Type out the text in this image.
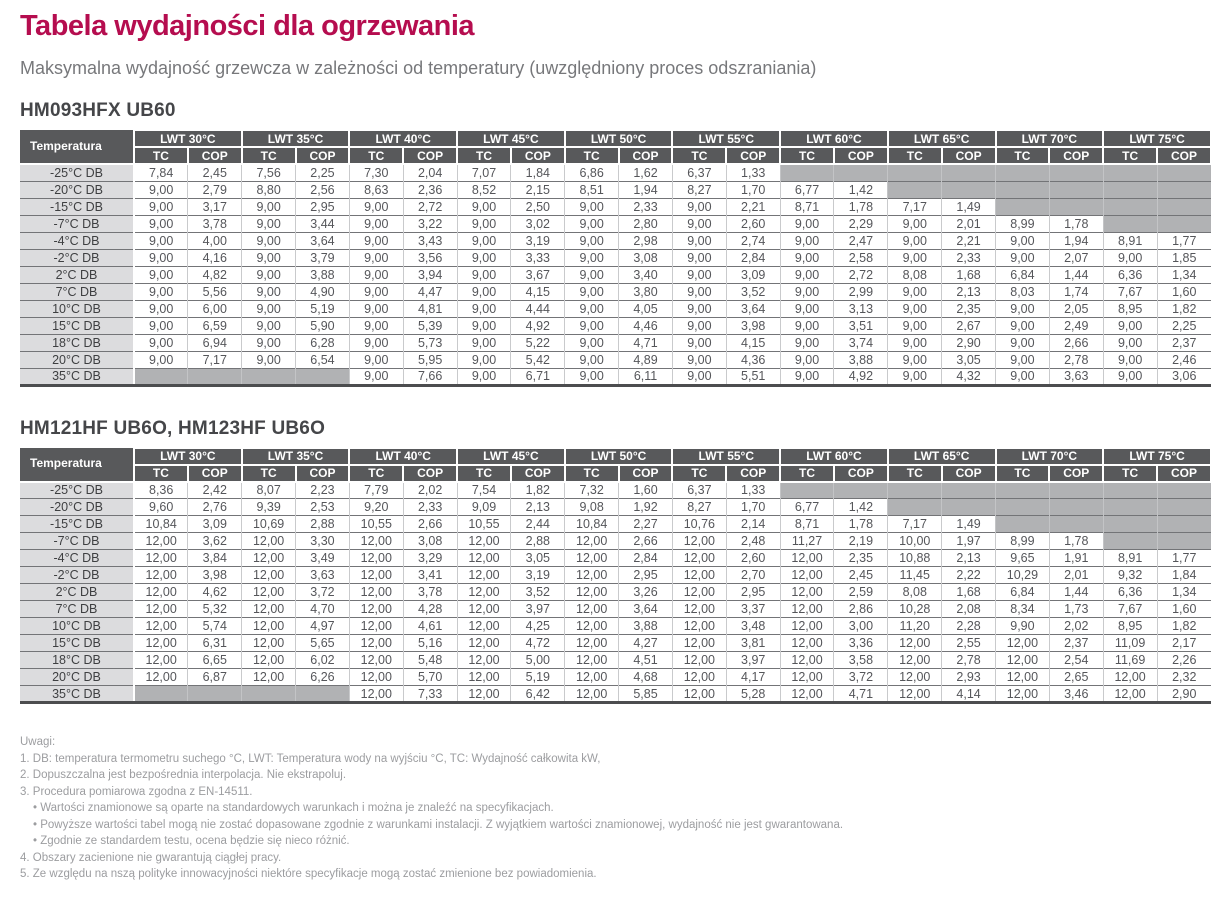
Tabela wydajności dla ogrzewania

Maksymalna wydajność grzewcza w zależności od temperatury (uwzględniony proces odszraniania)

HM093HFX UB60
Temperatura	LWT 30°C		LWT 35°C		LWT 40°C		LWT 45°C		LWT 50°C		LWT 55°C		LWT 60°C		LWT 65°C		LWT 70°C		LWT 75°C	
	TC	COP	TC	COP	TC	COP	TC	COP	TC	COP	TC	COP	TC	COP	TC	COP	TC	COP	TC	COP
-25°C DB	7,84	2,45	7,56	2,25	7,30	2,04	7,07	1,84	6,86	1,62	6,37	1,33								
-20°C DB	9,00	2,79	8,80	2,56	8,63	2,36	8,52	2,15	8,51	1,94	8,27	1,70	6,77	1,42						
-15°C DB	9,00	3,17	9,00	2,95	9,00	2,72	9,00	2,50	9,00	2,33	9,00	2,21	8,71	1,78	7,17	1,49				
-7°C DB	9,00	3,78	9,00	3,44	9,00	3,22	9,00	3,02	9,00	2,80	9,00	2,60	9,00	2,29	9,00	2,01	8,99	1,78		
-4°C DB	9,00	4,00	9,00	3,64	9,00	3,43	9,00	3,19	9,00	2,98	9,00	2,74	9,00	2,47	9,00	2,21	9,00	1,94	8,91	1,77
-2°C DB	9,00	4,16	9,00	3,79	9,00	3,56	9,00	3,33	9,00	3,08	9,00	2,84	9,00	2,58	9,00	2,33	9,00	2,07	9,00	1,85
2°C DB	9,00	4,82	9,00	3,88	9,00	3,94	9,00	3,67	9,00	3,40	9,00	3,09	9,00	2,72	8,08	1,68	6,84	1,44	6,36	1,34
7°C DB	9,00	5,56	9,00	4,90	9,00	4,47	9,00	4,15	9,00	3,80	9,00	3,52	9,00	2,99	9,00	2,13	8,03	1,74	7,67	1,60
10°C DB	9,00	6,00	9,00	5,19	9,00	4,81	9,00	4,44	9,00	4,05	9,00	3,64	9,00	3,13	9,00	2,35	9,00	2,05	8,95	1,82
15°C DB	9,00	6,59	9,00	5,90	9,00	5,39	9,00	4,92	9,00	4,46	9,00	3,98	9,00	3,51	9,00	2,67	9,00	2,49	9,00	2,25
18°C DB	9,00	6,94	9,00	6,28	9,00	5,73	9,00	5,22	9,00	4,71	9,00	4,15	9,00	3,74	9,00	2,90	9,00	2,66	9,00	2,37
20°C DB	9,00	7,17	9,00	6,54	9,00	5,95	9,00	5,42	9,00	4,89	9,00	4,36	9,00	3,88	9,00	3,05	9,00	2,78	9,00	2,46
35°C DB					9,00	7,66	9,00	6,71	9,00	6,11	9,00	5,51	9,00	4,92	9,00	4,32	9,00	3,63	9,00	3,06
HM121HF UB6O, HM123HF UB6O
Temperatura	LWT 30°C		LWT 35°C		LWT 40°C		LWT 45°C		LWT 50°C		LWT 55°C		LWT 60°C		LWT 65°C		LWT 70°C		LWT 75°C	
	TC	COP	TC	COP	TC	COP	TC	COP	TC	COP	TC	COP	TC	COP	TC	COP	TC	COP	TC	COP
-25°C DB	8,36	2,42	8,07	2,23	7,79	2,02	7,54	1,82	7,32	1,60	6,37	1,33								
-20°C DB	9,60	2,76	9,39	2,53	9,20	2,33	9,09	2,13	9,08	1,92	8,27	1,70	6,77	1,42						
-15°C DB	10,84	3,09	10,69	2,88	10,55	2,66	10,55	2,44	10,84	2,27	10,76	2,14	8,71	1,78	7,17	1,49				
-7°C DB	12,00	3,62	12,00	3,30	12,00	3,08	12,00	2,88	12,00	2,66	12,00	2,48	11,27	2,19	10,00	1,97	8,99	1,78		
-4°C DB	12,00	3,84	12,00	3,49	12,00	3,29	12,00	3,05	12,00	2,84	12,00	2,60	12,00	2,35	10,88	2,13	9,65	1,91	8,91	1,77
-2°C DB	12,00	3,98	12,00	3,63	12,00	3,41	12,00	3,19	12,00	2,95	12,00	2,70	12,00	2,45	11,45	2,22	10,29	2,01	9,32	1,84
2°C DB	12,00	4,62	12,00	3,72	12,00	3,78	12,00	3,52	12,00	3,26	12,00	2,95	12,00	2,59	8,08	1,68	6,84	1,44	6,36	1,34
7°C DB	12,00	5,32	12,00	4,70	12,00	4,28	12,00	3,97	12,00	3,64	12,00	3,37	12,00	2,86	10,28	2,08	8,34	1,73	7,67	1,60
10°C DB	12,00	5,74	12,00	4,97	12,00	4,61	12,00	4,25	12,00	3,88	12,00	3,48	12,00	3,00	11,20	2,28	9,90	2,02	8,95	1,82
15°C DB	12,00	6,31	12,00	5,65	12,00	5,16	12,00	4,72	12,00	4,27	12,00	3,81	12,00	3,36	12,00	2,55	12,00	2,37	11,09	2,17
18°C DB	12,00	6,65	12,00	6,02	12,00	5,48	12,00	5,00	12,00	4,51	12,00	3,97	12,00	3,58	12,00	2,78	12,00	2,54	11,69	2,26
20°C DB	12,00	6,87	12,00	6,26	12,00	5,70	12,00	5,19	12,00	4,68	12,00	4,17	12,00	3,72	12,00	2,93	12,00	2,65	12,00	2,32
35°C DB					12,00	7,33	12,00	6,42	12,00	5,85	12,00	5,28	12,00	4,71	12,00	4,14	12,00	3,46	12,00	2,90

Uwagi:

1. DB: temperatura termometru suchego °C, LWT: Temperatura wody na wyjściu °C, TC: Wydajność całkowita kW,

2. Dopuszczalna jest bezpośrednia interpolacja. Nie ekstrapoluj.

3. Procedura pomiarowa zgodna z EN-14511.

• Wartości znamionowe są oparte na standardowych warunkach i można je znaleźć na specyfikacjach.

• Powyższe wartości tabel mogą nie zostać dopasowane zgodnie z warunkami instalacji. Z wyjątkiem wartości znamionowej, wydajność nie jest gwarantowana.

• Zgodnie ze standardem testu, ocena będzie się nieco różnić.

4. Obszary zacienione nie gwarantują ciągłej pracy.

5. Ze względu na nszą polityke innowacyjności niektóre specyfikacje mogą zostać zmienione bez powiadomienia.
